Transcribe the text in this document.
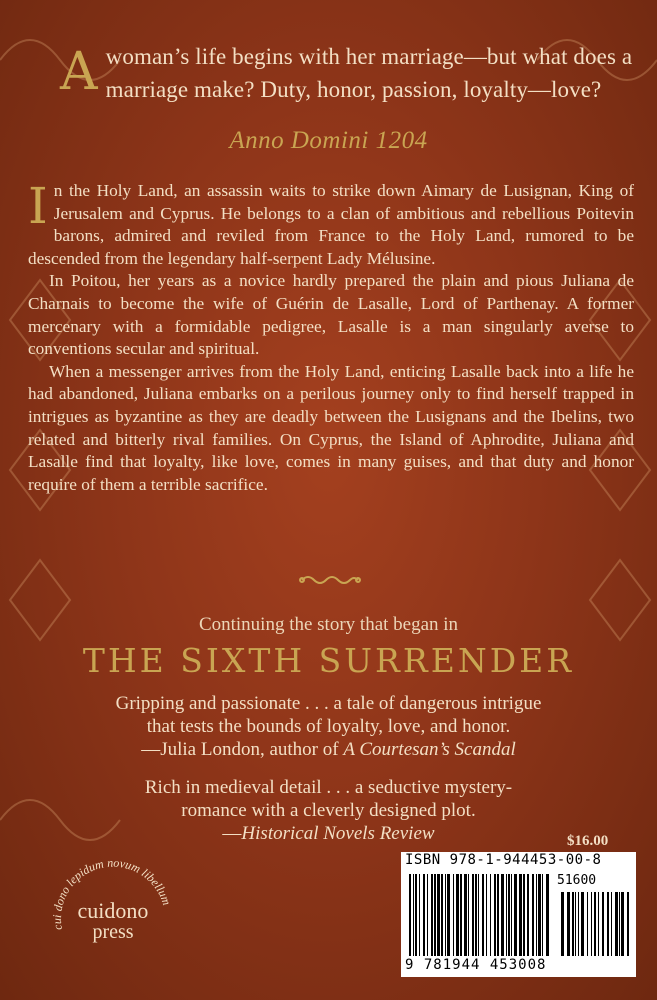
A woman’s life begins with her marriage—but what does a marriage make? Duty, honor, passion, loyalty—love?
Anno Domini 1204

In the Holy Land, an assassin waits to strike down Aimary de Lusignan, King of Jerusalem and Cyprus. He belongs to a clan of ambitious and rebellious Poitevin barons, admired and reviled from France to the Holy Land, rumored to be descended from the legendary half-serpent Lady Mélusine.

In Poitou, her years as a novice hardly prepared the plain and pious Juliana de Charnais to become the wife of Guérin de Lasalle, Lord of Parthenay. A former mercenary with a formidable pedigree, Lasalle is a man singularly averse to conventions secular and spiritual.

When a messenger arrives from the Holy Land, enticing Lasalle back into a life he had abandoned, Juliana embarks on a perilous journey only to find herself trapped in intrigues as byzantine as they are deadly between the Lusignans and the Ibelins, two related and bitterly rival families. On Cyprus, the Island of Aphrodite, Juliana and Lasalle find that loyalty, like love, comes in many guises, and that duty and honor require of them a terrible sacrifice.

Continuing the story that began in
THE SIXTH SURRENDER
Gripping and passionate . . . a tale of dangerous intrigue
that tests the bounds of loyalty, love, and honor.
—Julia London, author of A Courtesan’s Scandal
Rich in medieval detail . . . a seductive mystery-
romance with a cleverly designed plot.
—Historical Novels Review	$16.00
ISBN 978-1-944453-00-8
51600
9 781944 453008
cui dono lepidum novum libellum
cuidono
press
